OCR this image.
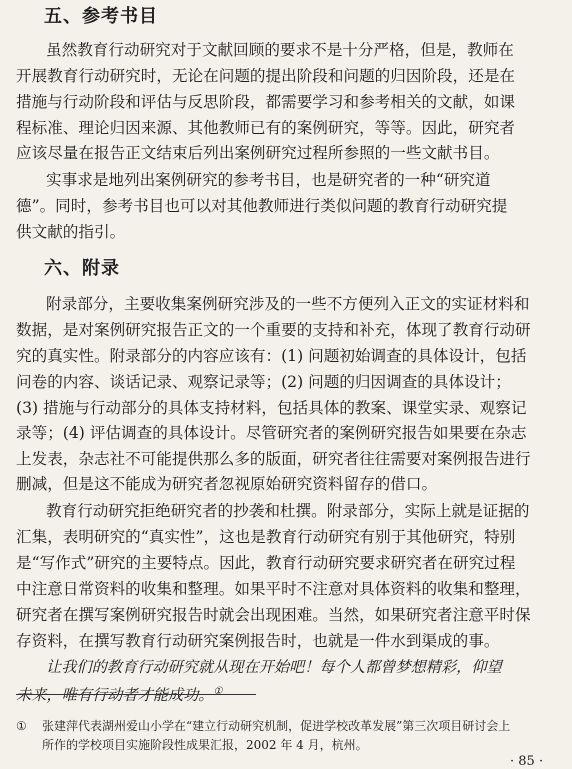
五、参考书目
虽然教育行动研究对于文献回顾的要求不是十分严格，但是，教师在
开展教育行动研究时，无论在问题的提出阶段和问题的归因阶段，还是在
措施与行动阶段和评估与反思阶段，都需要学习和参考相关的文献，如课
程标准、理论归因来源、其他教师已有的案例研究，等等。因此，研究者
应该尽量在报告正文结束后列出案例研究过程所参照的一些文献书目。
实事求是地列出案例研究的参考书目，也是研究者的一种“研究道
德”。同时，参考书目也可以对其他教师进行类似问题的教育行动研究提
供文献的指引。
六、附录
附录部分，主要收集案例研究涉及的一些不方便列入正文的实证材料和
数据，是对案例研究报告正文的一个重要的支持和补充，体现了教育行动研
究的真实性。附录部分的内容应该有：(1) 问题初始调查的具体设计，包括
问卷的内容、谈话记录、观察记录等；(2) 问题的归因调查的具体设计；
(3) 措施与行动部分的具体支持材料，包括具体的教案、课堂实录、观察记
录等；(4) 评估调查的具体设计。尽管研究者的案例研究报告如果要在杂志
上发表，杂志社不可能提供那么多的版面，研究者往往需要对案例报告进行
删减，但是这不能成为研究者忽视原始研究资料留存的借口。
教育行动研究拒绝研究者的抄袭和杜撰。附录部分，实际上就是证据的
汇集，表明研究的“真实性”，这也是教育行动研究有别于其他研究，特别
是“写作式”研究的主要特点。因此，教育行动研究要求研究者在研究过程
中注意日常资料的收集和整理。如果平时不注意对具体资料的收集和整理，
研究者在撰写案例研究报告时就会出现困难。当然，如果研究者注意平时保
存资料，在撰写教育行动研究案例报告时，也就是一件水到渠成的事。
让我们的教育行动研究就从现在开始吧！每个人都曾梦想精彩，仰望
未来，唯有行动者才能成功。①
① 张建萍代表湖州爱山小学在“建立行动研究机制，促进学校改革发展”第三次项目研讨会上
所作的学校项目实施阶段性成果汇报，2002 年 4 月，杭州。
· 85 ·
